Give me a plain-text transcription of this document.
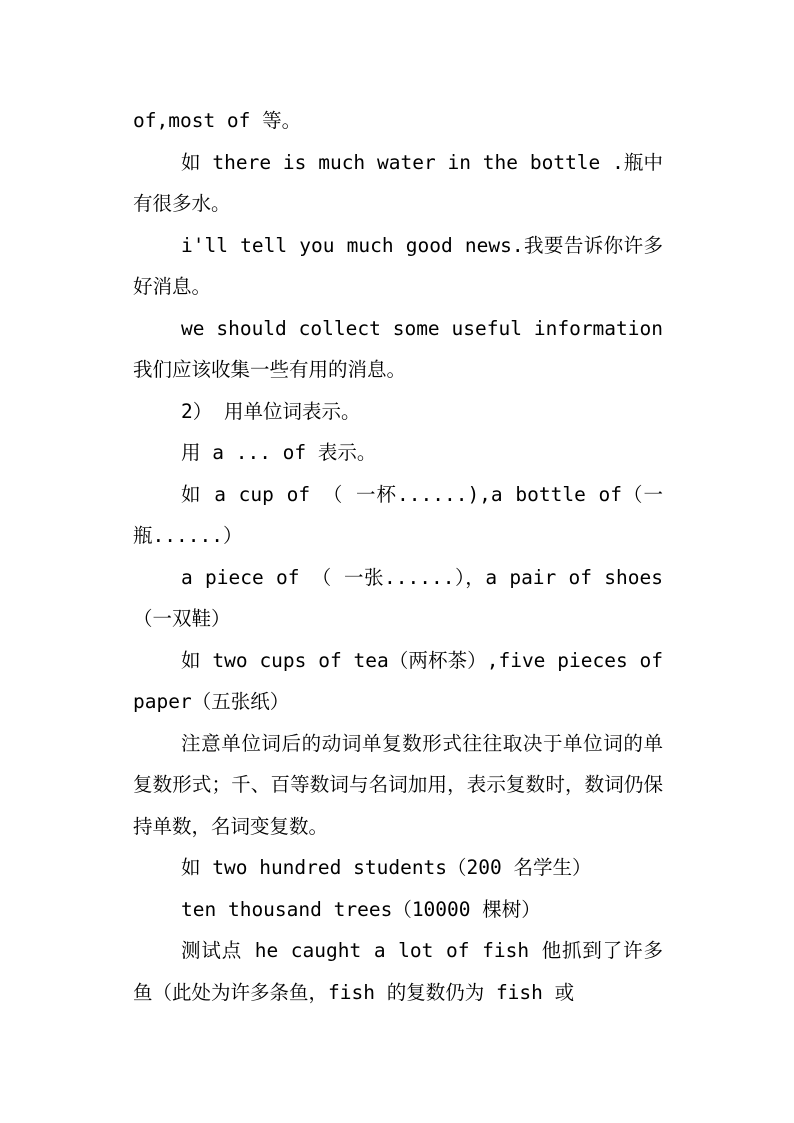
of,most of 等。

如 there is much water in the bottle .瓶中有很多水。

i'll tell you much good news.我要告诉你许多好消息。

we should collect some useful information 我们应该收集一些有用的消息。

2） 用单位词表示。

用 a ... of 表示。

如 a cup of （ 一杯......),a bottle of（一瓶......）

a piece of （ 一张......），a pair of shoes（一双鞋）

如 two cups of tea（两杯茶）,five pieces of paper（五张纸）

注意单位词后的动词单复数形式往往取决于单位词的单复数形式；千、百等数词与名词加用，表示复数时，数词仍保持单数，名词变复数。

如 two hundred students（200 名学生）

ten thousand trees（10000 棵树）

测试点 he caught a lot of fish 他抓到了许多鱼（此处为许多条鱼，fish 的复数仍为 fish 或
